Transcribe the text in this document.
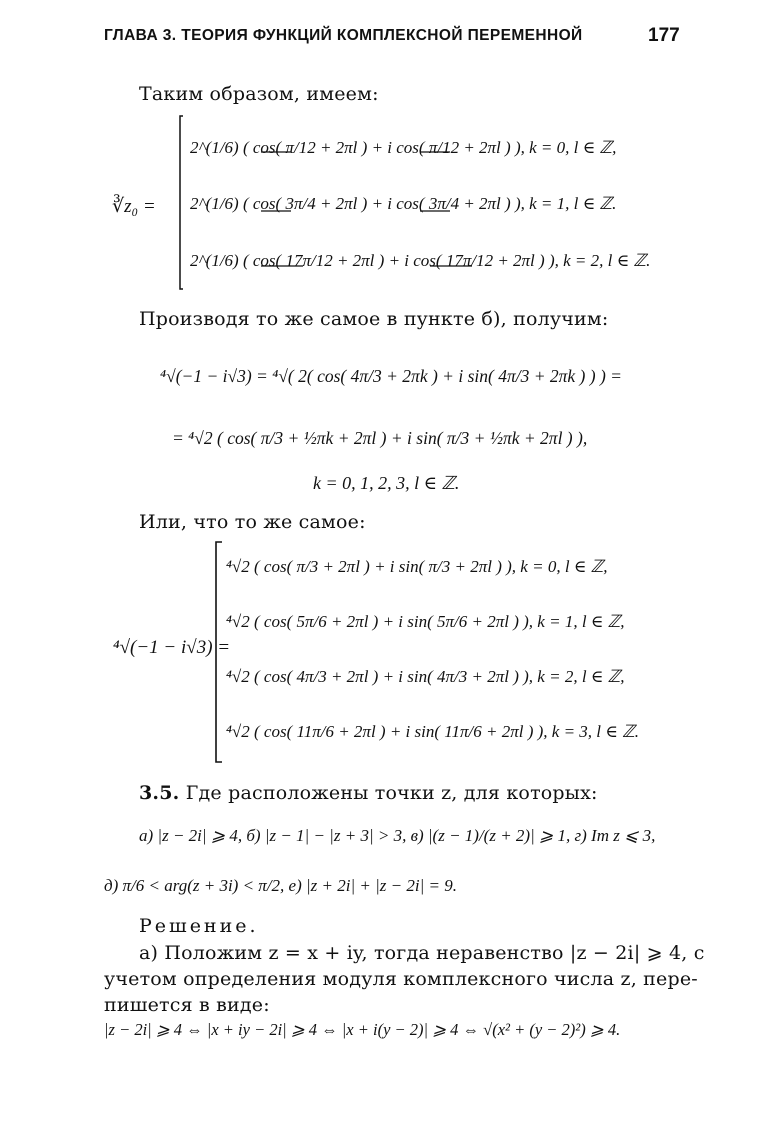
ГЛАВА 3. ТЕОРИЯ ФУНКЦИЙ КОМПЛЕКСНОЙ ПЕРЕМЕННОЙ	177
Таким образом, имеем:
∛z₀ =
2^(1/6) ( cos( π/12 + 2πl ) + i cos( π/12 + 2πl ) ), k = 0, l ∈ ℤ,
2^(1/6) ( cos( 3π/4 + 2πl ) + i cos( 3π/4 + 2πl ) ), k = 1, l ∈ ℤ.
2^(1/6) ( cos( 17π/12 + 2πl ) + i cos( 17π/12 + 2πl ) ), k = 2, l ∈ ℤ.
Производя то же самое в пункте б), получим:
⁴√(−1 − i√3) = ⁴√( 2( cos( 4π/3 + 2πk ) + i sin( 4π/3 + 2πk ) ) ) =
= ⁴√2 ( cos( π/3 + ½πk + 2πl ) + i sin( π/3 + ½πk + 2πl ) ),
k = 0, 1, 2, 3, l ∈ ℤ.
Или, что то же самое:
⁴√(−1 − i√3) =
⁴√2 ( cos( π/3 + 2πl ) + i sin( π/3 + 2πl ) ), k = 0, l ∈ ℤ,
⁴√2 ( cos( 5π/6 + 2πl ) + i sin( 5π/6 + 2πl ) ), k = 1, l ∈ ℤ,
⁴√2 ( cos( 4π/3 + 2πl ) + i sin( 4π/3 + 2πl ) ), k = 2, l ∈ ℤ,
⁴√2 ( cos( 11π/6 + 2πl ) + i sin( 11π/6 + 2πl ) ), k = 3, l ∈ ℤ.
3.5. Где расположены точки z, для которых:
а) |z − 2i| ⩾ 4, б) |z − 1| − |z + 3| > 3, в) |(z − 1)/(z + 2)| ⩾ 1, г) Im z ⩽ 3,
д) π/6 < arg(z + 3i) < π/2, е) |z + 2i| + |z − 2i| = 9.
Решение.
а) Положим z = x + iy, тогда неравенство |z − 2i| ⩾ 4, с
учетом определения модуля комплексного числа z, пере-
пишется в виде:
|z − 2i| ⩾ 4 ⇔ |x + iy − 2i| ⩾ 4 ⇔ |x + i(y − 2)| ⩾ 4 ⇔ √(x² + (y − 2)²) ⩾ 4.
